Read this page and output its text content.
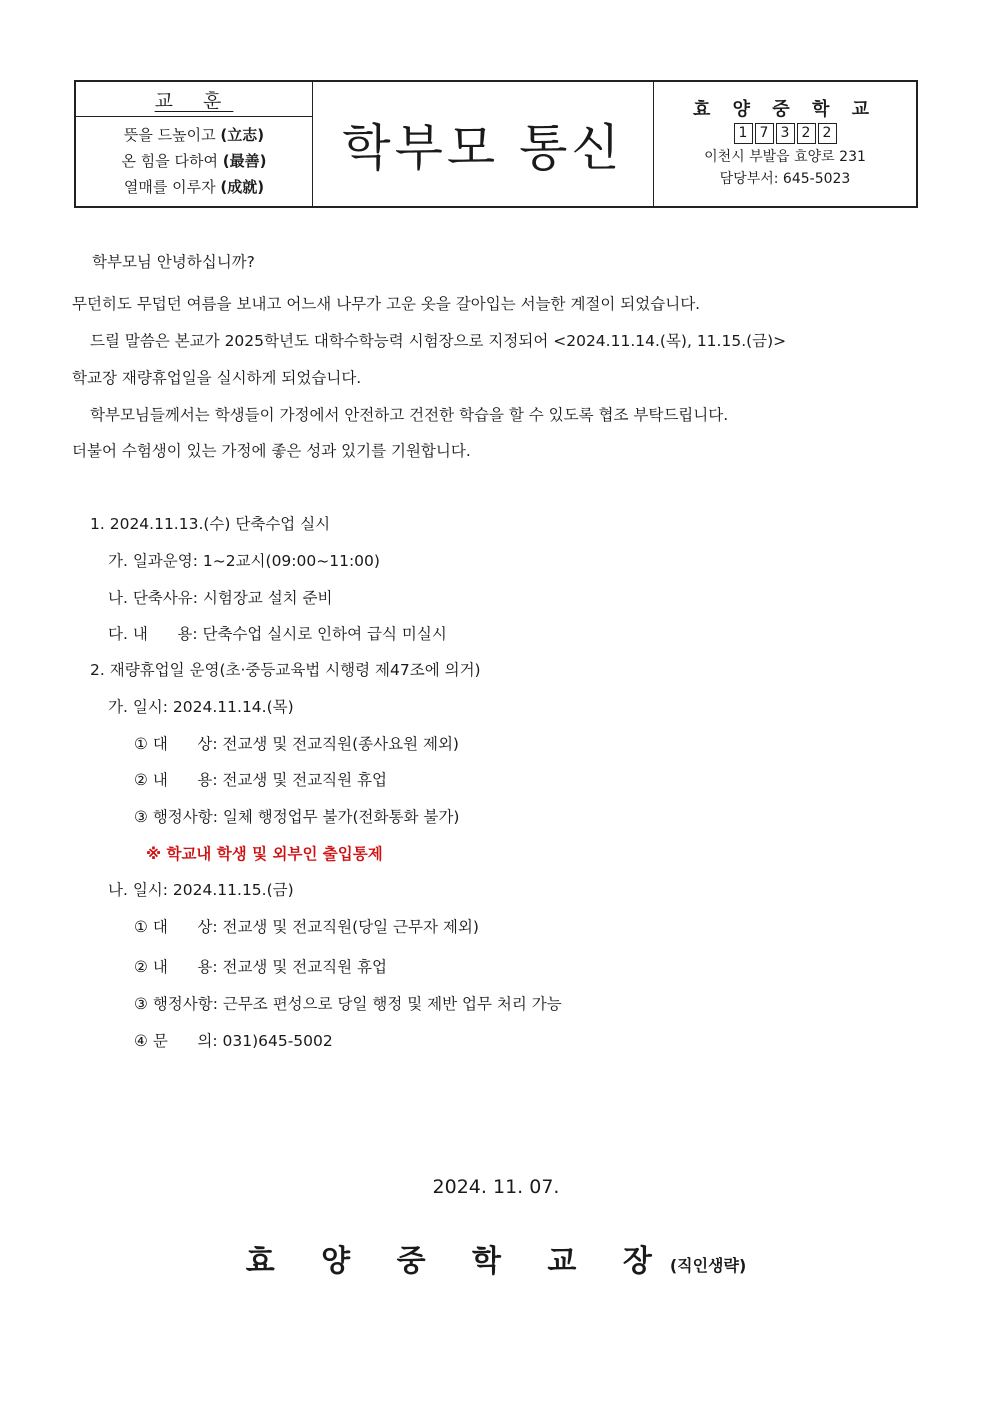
교 훈
뜻을 드높이고 (立志)
온 힘을 다하여 (最善)
열매를 이루자 (成就)
학부모 통신
효 양 중 학 교
1 7 3 2 2
이천시 부발읍 효양로 231
담당부서: 645-5023
학부모님 안녕하십니까?
무던히도 무덥던 여름을 보내고 어느새 나무가 고운 옷을 갈아입는 서늘한 계절이 되었습니다.
드릴 말씀은 본교가 2025학년도 대학수학능력 시험장으로 지정되어 <2024.11.14.(목), 11.15.(금)>
학교장 재량휴업일을 실시하게 되었습니다.
학부모님들께서는 학생들이 가정에서 안전하고 건전한 학습을 할 수 있도록 협조 부탁드립니다.
더불어 수험생이 있는 가정에 좋은 성과 있기를 기원합니다.
1. 2024.11.13.(수) 단축수업 실시
가. 일과운영: 1~2교시(09:00~11:00)
나. 단축사유: 시험장교 설치 준비
다. 내      용: 단축수업 실시로 인하여 급식 미실시
2. 재량휴업일 운영(초·중등교육법 시행령 제47조에 의거)
가. 일시: 2024.11.14.(목)
① 대      상: 전교생 및 전교직원(종사요원 제외)
② 내      용: 전교생 및 전교직원 휴업
③ 행정사항: 일체 행정업무 불가(전화통화 불가)
※ 학교내 학생 및 외부인 출입통제
나. 일시: 2024.11.15.(금)
① 대      상: 전교생 및 전교직원(당일 근무자 제외)
② 내      용: 전교생 및 전교직원 휴업
③ 행정사항: 근무조 편성으로 당일 행정 및 제반 업무 처리 가능
④ 문      의: 031)645-5002
2024. 11. 07.
효 양 중 학 교 장(직인생략)
